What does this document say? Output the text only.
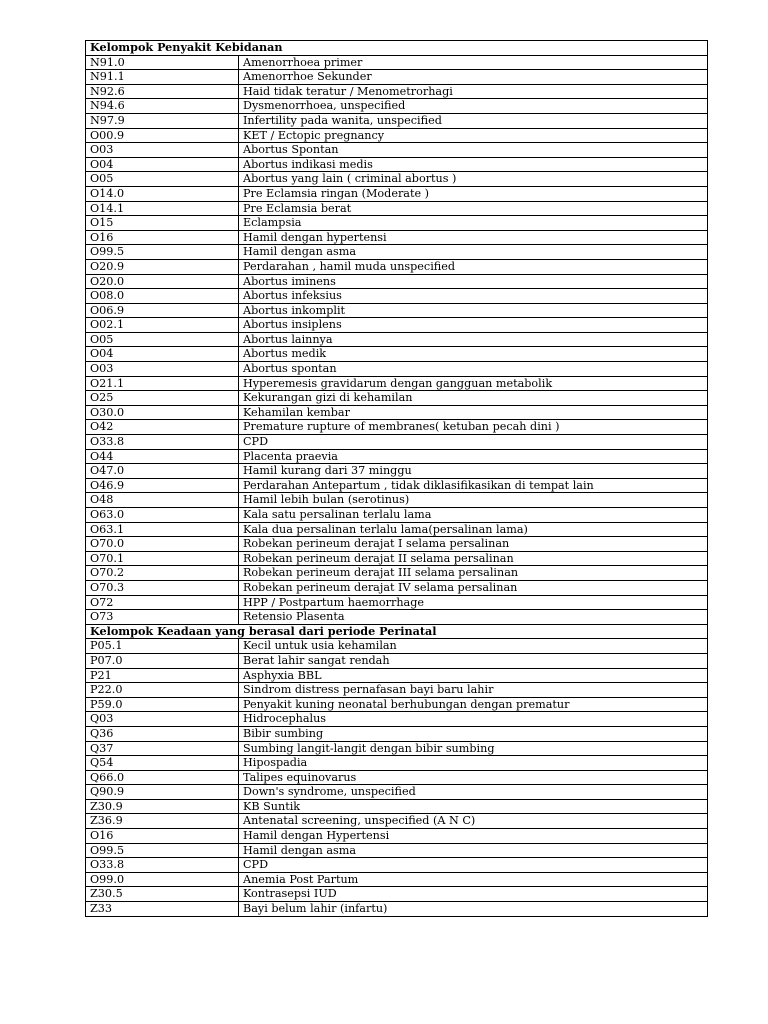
Kelompok Penyakit Kebidanan	
N91.0	Amenorrhoea primer
N91.1	Amenorrhoe Sekunder
N92.6	Haid tidak teratur / Menometrorhagi
N94.6	Dysmenorrhoea, unspecified
N97.9	Infertility pada wanita, unspecified
O00.9	KET / Ectopic pregnancy
O03	Abortus Spontan
O04	Abortus indikasi medis
O05	Abortus yang lain ( criminal abortus )
O14.0	Pre Eclamsia ringan (Moderate )
O14.1	Pre Eclamsia berat
O15	Eclampsia
O16	Hamil dengan hypertensi
O99.5	Hamil dengan asma
O20.9	Perdarahan , hamil muda unspecified
O20.0	Abortus iminens
O08.0	Abortus infeksius
O06.9	Abortus inkomplit
O02.1	Abortus insiplens
O05	Abortus lainnya
O04	Abortus medik
O03	Abortus spontan
O21.1	Hyperemesis gravidarum dengan gangguan metabolik
O25	Kekurangan gizi di kehamilan
O30.0	Kehamilan kembar
O42	Premature rupture of membranes( ketuban pecah dini )
O33.8	CPD
O44	Placenta praevia
O47.0	Hamil kurang dari 37 minggu
O46.9	Perdarahan Antepartum , tidak diklasifikasikan di tempat lain
O48	Hamil lebih bulan (serotinus)
O63.0	Kala satu persalinan terlalu lama
O63.1	Kala dua persalinan terlalu lama(persalinan lama)
O70.0	Robekan perineum derajat I selama persalinan
O70.1	Robekan perineum derajat II selama persalinan
O70.2	Robekan perineum derajat III selama persalinan
O70.3	Robekan perineum derajat IV selama persalinan
O72	HPP / Postpartum haemorrhage
O73	Retensio Plasenta
Kelompok Keadaan yang berasal dari periode Perinatal	
P05.1	Kecil untuk usia kehamilan
P07.0	Berat lahir sangat rendah
P21	Asphyxia BBL
P22.0	Sindrom distress pernafasan bayi baru lahir
P59.0	Penyakit kuning neonatal berhubungan dengan prematur
Q03	Hidrocephalus
Q36	Bibir sumbing
Q37	Sumbing langit-langit dengan bibir sumbing
Q54	Hipospadia
Q66.0	Talipes equinovarus
Q90.9	Down's syndrome, unspecified
Z30.9	KB Suntik
Z36.9	Antenatal screening, unspecified (A N C)
O16	Hamil dengan Hypertensi
O99.5	Hamil dengan asma
O33.8	CPD
O99.0	Anemia Post Partum
Z30.5	Kontrasepsi IUD
Z33	Bayi belum lahir (infartu)
